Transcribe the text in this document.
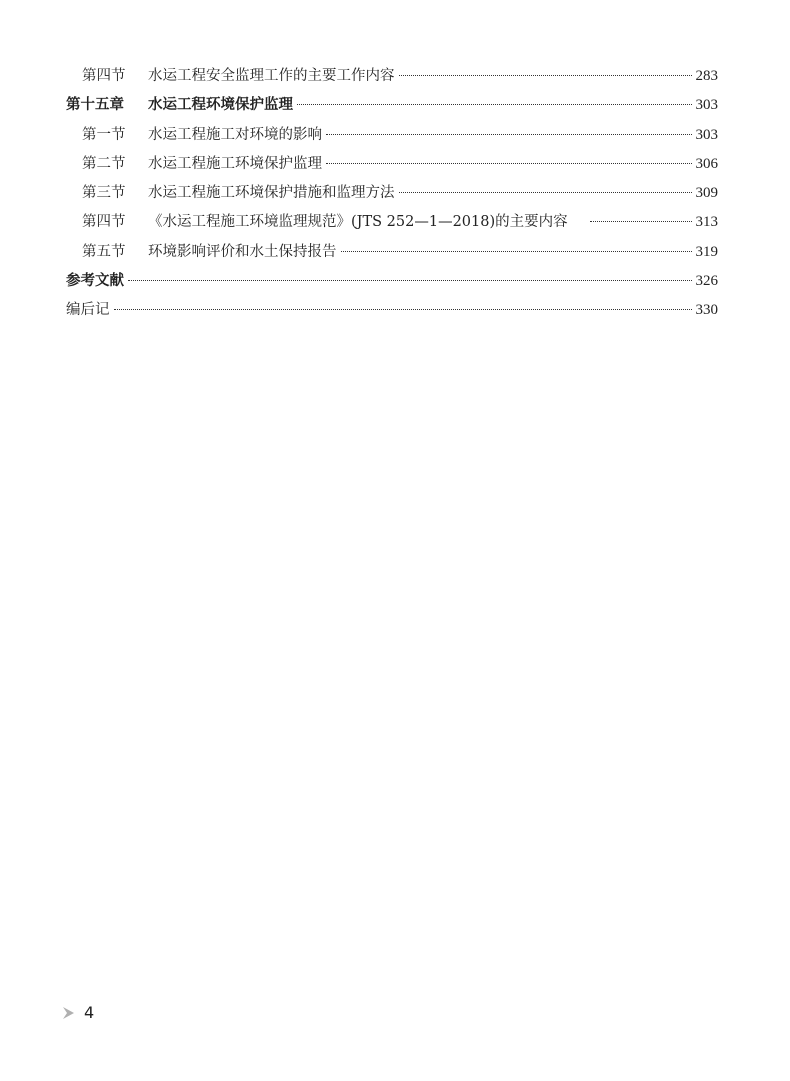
第四节	水运工程安全监理工作的主要工作内容	283
第十五章	水运工程环境保护监理	303
第一节	水运工程施工对环境的影响	303
第二节	水运工程施工环境保护监理	306
第三节	水运工程施工环境保护措施和监理方法	309
第四节	《水运工程施工环境监理规范》(JTS 252—1—2018)的主要内容	313
第五节	环境影响评价和水土保持报告	319
参考文献	326
编后记	330
4
